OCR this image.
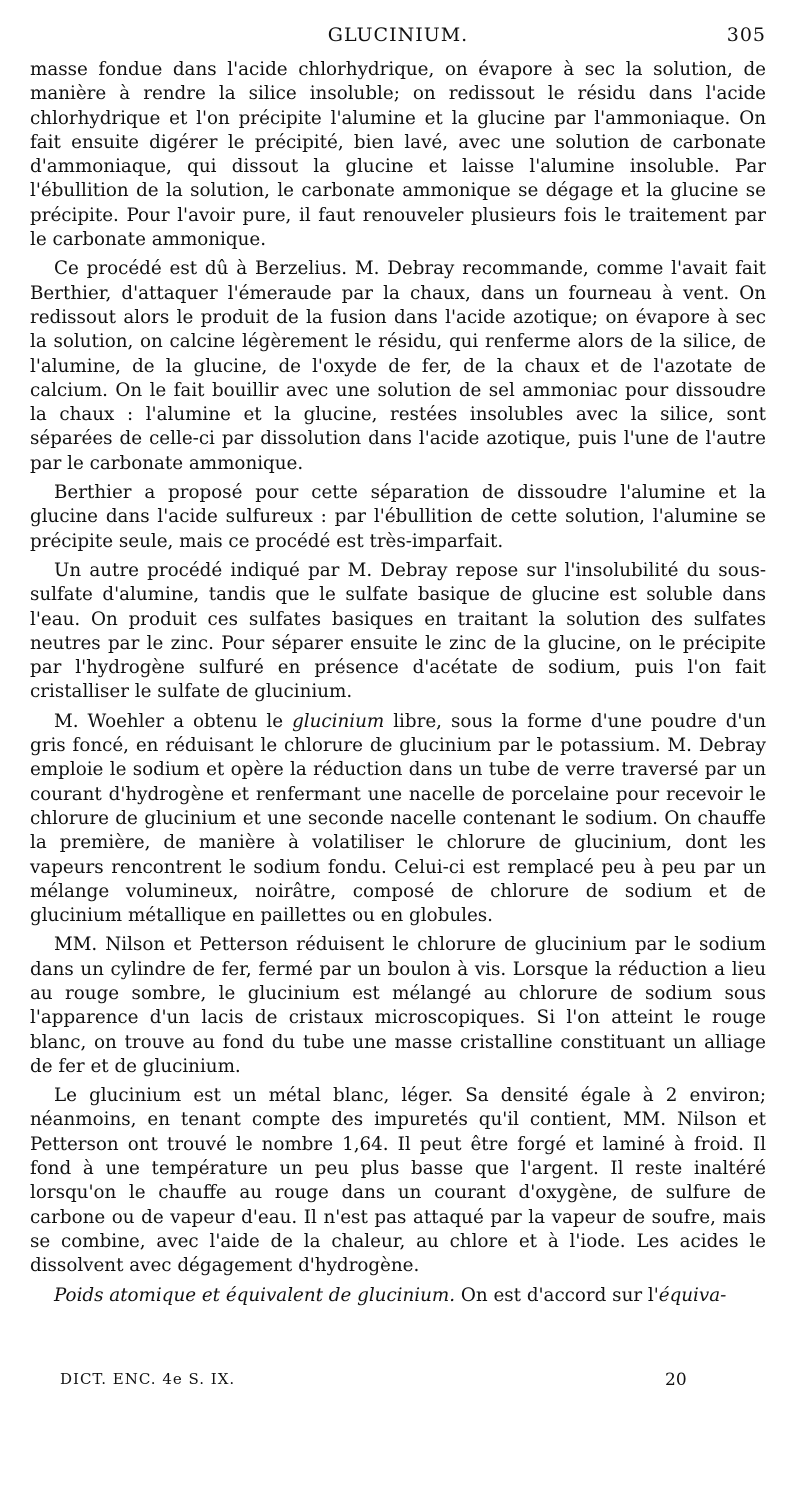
GLUCINIUM.	305

masse fondue dans l'acide chlorhydrique, on évapore à sec la solution, de manière à rendre la silice insoluble; on redissout le résidu dans l'acide chlorhydrique et l'on précipite l'alumine et la glucine par l'ammoniaque. On fait ensuite digérer le précipité, bien lavé, avec une solution de carbonate d'ammoniaque, qui dissout la glucine et laisse l'alumine insoluble. Par l'ébullition de la solution, le carbonate ammonique se dégage et la glucine se précipite. Pour l'avoir pure, il faut renouveler plusieurs fois le traitement par le carbonate ammonique.

Ce procédé est dû à Berzelius. M. Debray recommande, comme l'avait fait Berthier, d'attaquer l'émeraude par la chaux, dans un fourneau à vent. On redissout alors le produit de la fusion dans l'acide azotique; on évapore à sec la solution, on calcine légèrement le résidu, qui renferme alors de la silice, de l'alumine, de la glucine, de l'oxyde de fer, de la chaux et de l'azotate de calcium. On le fait bouillir avec une solution de sel ammoniac pour dissoudre la chaux : l'alumine et la glucine, restées insolubles avec la silice, sont séparées de celle-ci par dissolution dans l'acide azotique, puis l'une de l'autre par le carbonate ammonique.

Berthier a proposé pour cette séparation de dissoudre l'alumine et la glucine dans l'acide sulfureux : par l'ébullition de cette solution, l'alumine se précipite seule, mais ce procédé est très-imparfait.

Un autre procédé indiqué par M. Debray repose sur l'insolubilité du sous-sulfate d'alumine, tandis que le sulfate basique de glucine est soluble dans l'eau. On produit ces sulfates basiques en traitant la solution des sulfates neutres par le zinc. Pour séparer ensuite le zinc de la glucine, on le précipite par l'hydrogène sulfuré en présence d'acétate de sodium, puis l'on fait cristalliser le sulfate de glucinium.

M. Woehler a obtenu le glucinium libre, sous la forme d'une poudre d'un gris foncé, en réduisant le chlorure de glucinium par le potassium. M. Debray emploie le sodium et opère la réduction dans un tube de verre traversé par un courant d'hydrogène et renfermant une nacelle de porcelaine pour recevoir le chlorure de glucinium et une seconde nacelle contenant le sodium. On chauffe la première, de manière à volatiliser le chlorure de glucinium, dont les vapeurs rencontrent le sodium fondu. Celui-ci est remplacé peu à peu par un mélange volumineux, noirâtre, composé de chlorure de sodium et de glucinium métallique en paillettes ou en globules.

MM. Nilson et Petterson réduisent le chlorure de glucinium par le sodium dans un cylindre de fer, fermé par un boulon à vis. Lorsque la réduction a lieu au rouge sombre, le glucinium est mélangé au chlorure de sodium sous l'apparence d'un lacis de cristaux microscopiques. Si l'on atteint le rouge blanc, on trouve au fond du tube une masse cristalline constituant un alliage de fer et de glucinium.

Le glucinium est un métal blanc, léger. Sa densité égale à 2 environ; néanmoins, en tenant compte des impuretés qu'il contient, MM. Nilson et Petterson ont trouvé le nombre 1,64. Il peut être forgé et laminé à froid. Il fond à une température un peu plus basse que l'argent. Il reste inaltéré lorsqu'on le chauffe au rouge dans un courant d'oxygène, de sulfure de carbone ou de vapeur d'eau. Il n'est pas attaqué par la vapeur de soufre, mais se combine, avec l'aide de la chaleur, au chlore et à l'iode. Les acides le dissolvent avec dégagement d'hydrogène.

Poids atomique et équivalent de glucinium. On est d'accord sur l'équiva-

DICT. ENC. 4e S. IX.	20
